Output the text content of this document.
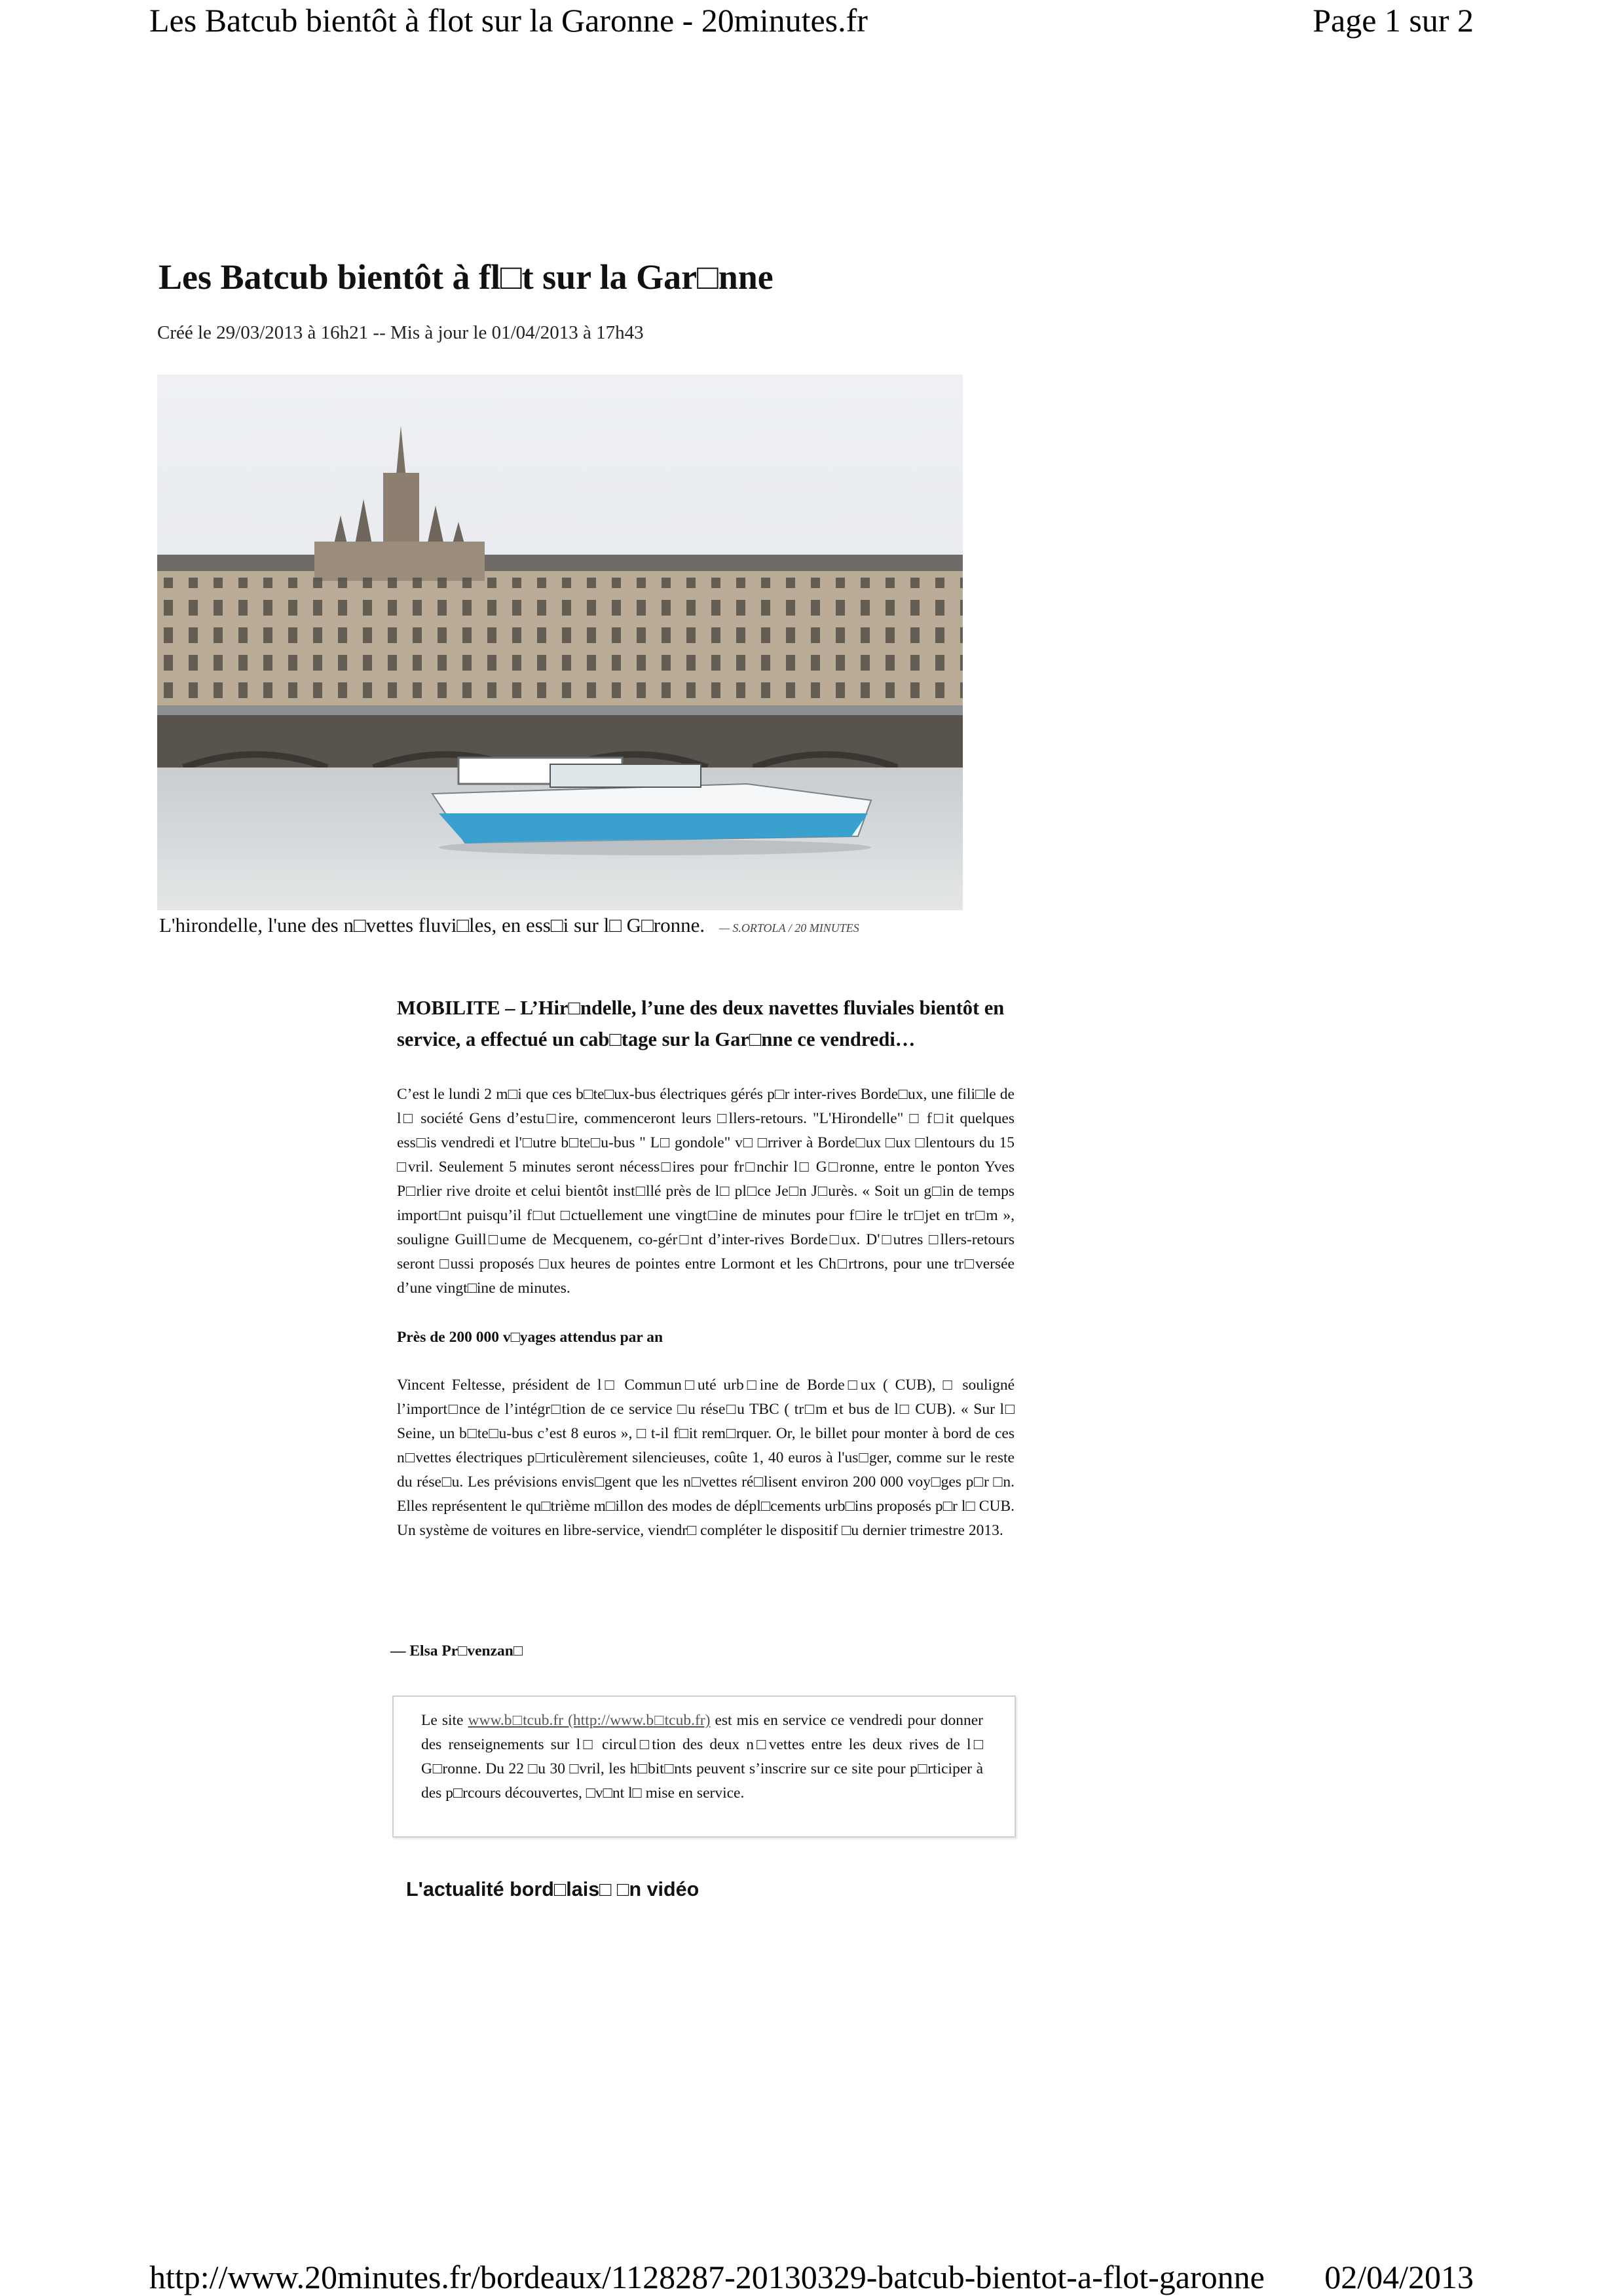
Les Batcub bientôt à flot sur la Garonne - 20minutes.fr	Page 1 sur 2
Les Batcub bientôt à fl□t sur la Gar□nne
Créé le 29/03/2013 à 16h21 -- Mis à jour le 01/04/2013 à 17h43
L'hirondelle, l'une des n□vettes fluvi□les, en ess□i sur l□ G□ronne. — S.ORTOLA / 20 MINUTES

MOBILITE – L’Hir□ndelle, l’une des deux navettes fluviales bientôt en service, a effectué un cab□tage sur la Gar□nne ce vendredi…

C’est le lundi 2 m□i que ces b□te□ux-bus électriques gérés p□r inter-rives Borde□ux, une fili□le de l□ société Gens d’estu□ire, commenceront leurs □llers-retours. "L'Hirondelle" □ f□it quelques ess□is vendredi et l'□utre b□te□u-bus " L□ gondole" v□ □rriver à Borde□ux □ux □lentours du 15 □vril. Seulement 5 minutes seront nécess□ires pour fr□nchir l□ G□ronne, entre le ponton Yves P□rlier rive droite et celui bientôt inst□llé près de l□ pl□ce Je□n J□urès. « Soit un g□in de temps import□nt puisqu’il f□ut □ctuellement une vingt□ine de minutes pour f□ire le tr□jet en tr□m », souligne Guill□ume de Mecquenem, co-gér□nt d’inter-rives Borde□ux. D'□utres □llers-retours seront □ussi proposés □ux heures de pointes entre Lormont et les Ch□rtrons, pour une tr□versée d’une vingt□ine de minutes.

Près de 200 000 v□yages attendus par an

Vincent Feltesse, président de l□ Commun□uté urb□ine de Borde□ux ( CUB), □ souligné l’import□nce de l’intégr□tion de ce service □u rése□u TBC ( tr□m et bus de l□ CUB). « Sur l□ Seine, un b□te□u-bus c’est 8 euros », □ t-il f□it rem□rquer. Or, le billet pour monter à bord de ces n□vettes électriques p□rticulèrement silencieuses, coûte 1, 40 euros à l'us□ger, comme sur le reste du rése□u. Les prévisions envis□gent que les n□vettes ré□lisent environ 200 000 voy□ges p□r □n. Elles représentent le qu□trième m□illon des modes de dépl□cements urb□ins proposés p□r l□ CUB. Un système de voitures en libre-service, viendr□ compléter le dispositif □u dernier trimestre 2013.

— Elsa Pr□venzan□

Le site www.b□tcub.fr (http://www.b□tcub.fr) est mis en service ce vendredi pour donner des renseignements sur l□ circul□tion des deux n□vettes entre les deux rives de l□ G□ronne. Du 22 □u 30 □vril, les h□bit□nts peuvent s’inscrire sur ce site pour p□rticiper à des p□rcours découvertes, □v□nt l□ mise en service.

L'actualité bord□lais□ □n vidéo
http://www.20minutes.fr/bordeaux/1128287-20130329-batcub-bientot-a-flot-garonne 02/04/2013
